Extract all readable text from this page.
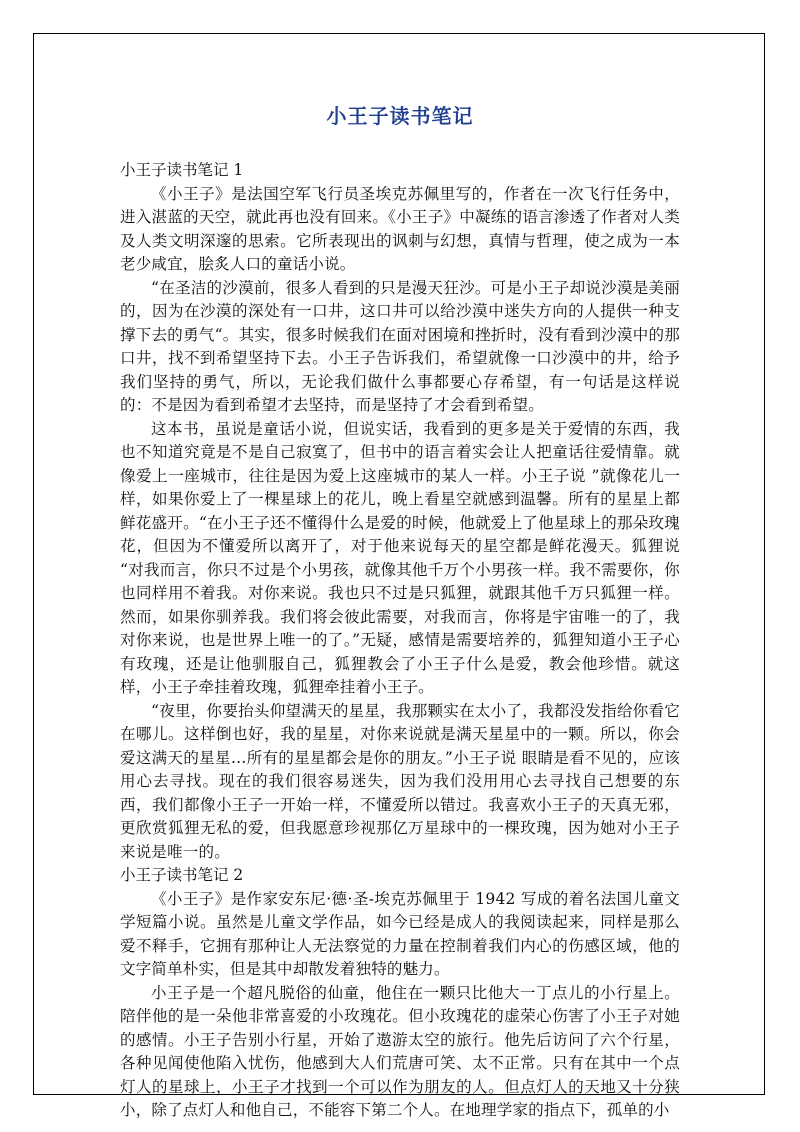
小王子读书笔记

小王子读书笔记 1

《小王子》是法国空军飞行员圣埃克苏佩里写的，作者在一次飞行任务中，进入湛蓝的天空，就此再也没有回来。《小王子》中凝练的语言渗透了作者对人类及人类文明深邃的思索。它所表现出的讽刺与幻想，真情与哲理，使之成为一本老少咸宜，脍炙人口的童话小说。

“在圣洁的沙漠前，很多人看到的只是漫天狂沙。可是小王子却说沙漠是美丽的，因为在沙漠的深处有一口井，这口井可以给沙漠中迷失方向的人提供一种支撑下去的勇气“。其实，很多时候我们在面对困境和挫折时，没有看到沙漠中的那口井，找不到希望坚持下去。小王子告诉我们，希望就像一口沙漠中的井，给予我们坚持的勇气，所以，无论我们做什么事都要心存希望，有一句话是这样说的：不是因为看到希望才去坚持，而是坚持了才会看到希望。

这本书，虽说是童话小说，但说实话，我看到的更多是关于爱情的东西，我也不知道究竟是不是自己寂寞了，但书中的语言着实会让人把童话往爱情靠。就像爱上一座城市，往往是因为爱上这座城市的某人一样。小王子说 ”就像花儿一样，如果你爱上了一棵星球上的花儿，晚上看星空就感到温馨。所有的星星上都鲜花盛开。“在小王子还不懂得什么是爱的时候，他就爱上了他星球上的那朵玫瑰花，但因为不懂爱所以离开了，对于他来说每天的星空都是鲜花漫天。狐狸说 “对我而言，你只不过是个小男孩，就像其他千万个小男孩一样。我不需要你，你也同样用不着我。对你来说。我也只不过是只狐狸，就跟其他千万只狐狸一样。然而，如果你驯养我。我们将会彼此需要，对我而言，你将是宇宙唯一的了，我对你来说，也是世界上唯一的了。”无疑，感情是需要培养的，狐狸知道小王子心有玫瑰，还是让他驯服自己，狐狸教会了小王子什么是爱，教会他珍惜。就这样，小王子牵挂着玫瑰，狐狸牵挂着小王子。

“夜里，你要抬头仰望满天的星星，我那颗实在太小了，我都没发指给你看它在哪儿。这样倒也好，我的星星，对你来说就是满天星星中的一颗。所以，你会爱这满天的星星…所有的星星都会是你的朋友。”小王子说 眼睛是看不见的，应该用心去寻找。现在的我们很容易迷失，因为我们没用用心去寻找自己想要的东西，我们都像小王子一开始一样，不懂爱所以错过。我喜欢小王子的天真无邪，更欣赏狐狸无私的爱，但我愿意珍视那亿万星球中的一棵玫瑰，因为她对小王子来说是唯一的。

小王子读书笔记 2

《小王子》是作家安东尼·德·圣-埃克苏佩里于 1942 写成的着名法国儿童文学短篇小说。虽然是儿童文学作品，如今已经是成人的我阅读起来，同样是那么爱不释手，它拥有那种让人无法察觉的力量在控制着我们内心的伤感区域，他的文字简单朴实，但是其中却散发着独特的魅力。

小王子是一个超凡脱俗的仙童，他住在一颗只比他大一丁点儿的小行星上。陪伴他的是一朵他非常喜爱的小玫瑰花。但小玫瑰花的虚荣心伤害了小王子对她的感情。小王子告别小行星，开始了遨游太空的旅行。他先后访问了六个行星，各种见闻使他陷入忧伤，他感到大人们荒唐可笑、太不正常。只有在其中一个点灯人的星球上，小王子才找到一个可以作为朋友的人。但点灯人的天地又十分狭小，除了点灯人和他自己，不能容下第二个人。在地理学家的指点下，孤单的小
